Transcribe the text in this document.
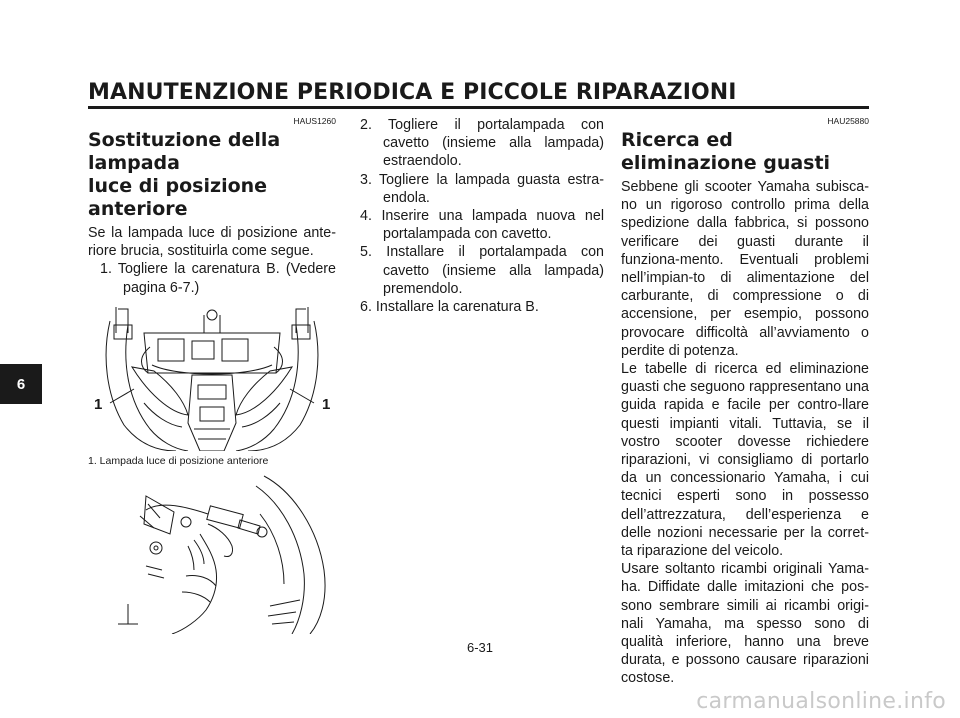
MANUTENZIONE PERIODICA E PICCOLE RIPARAZIONI
6
HAUS1260
Sostituzione della lampada
luce di posizione anteriore

Se la lampada luce di posizione ante-riore brucia, sostituirla come segue.

1. Togliere la carenatura B. (Vedere pagina 6-7.)

1	1

1. Lampada luce di posizione anteriore

2. Togliere il portalampada con cavetto (insieme alla lampada) estraendolo.

3. Togliere la lampada guasta estra-endola.

4. Inserire una lampada nuova nel portalampada con cavetto.

5. Installare il portalampada con cavetto (insieme alla lampada) premendolo.

6. Installare la carenatura B.

HAU25880
Ricerca ed eliminazione guasti

Sebbene gli scooter Yamaha subisca-no un rigoroso controllo prima della spedizione dalla fabbrica, si possono verificare dei guasti durante il funziona-mento. Eventuali problemi nell’impian-to di alimentazione del carburante, di compressione o di accensione, per esempio, possono provocare difficoltà all’avviamento o perdite di potenza.

Le tabelle di ricerca ed eliminazione guasti che seguono rappresentano una guida rapida e facile per contro-llare questi impianti vitali. Tuttavia, se il vostro scooter dovesse richiedere riparazioni, vi consigliamo di portarlo da un concessionario Yamaha, i cui tecnici esperti sono in possesso dell’attrezzatura, dell’esperienza e delle nozioni necessarie per la corret-ta riparazione del veicolo.

Usare soltanto ricambi originali Yama-ha. Diffidate dalle imitazioni che pos-sono sembrare simili ai ricambi origi-nali Yamaha, ma spesso sono di qualità inferiore, hanno una breve durata, e possono causare riparazioni costose.

6-31
carmanualsonline.info
